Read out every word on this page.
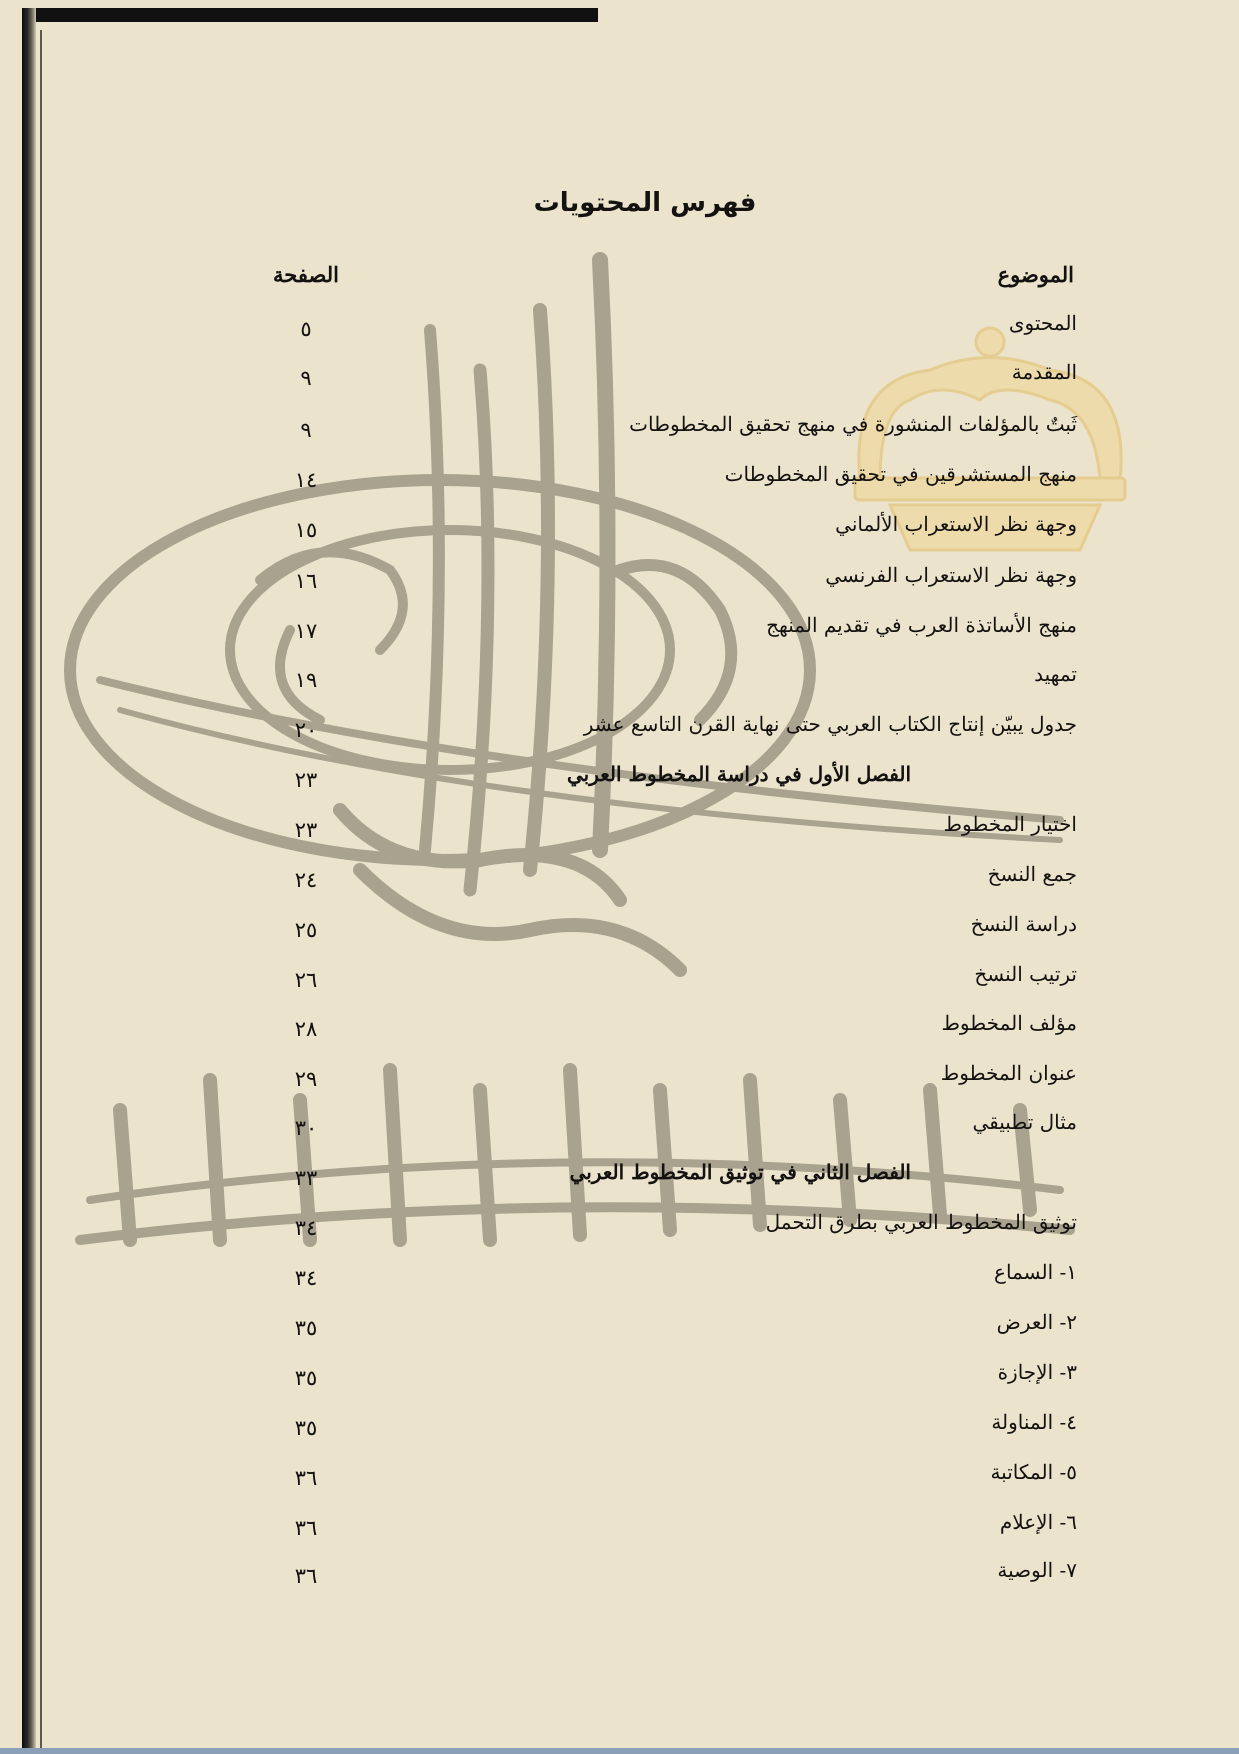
فهرس المحتويات
الموضوع
الصفحة
المحتوى
٥
المقدمة
٩
ثَبتٌ بالمؤلفات المنشورة في منهج تحقيق المخطوطات
٩
منهج المستشرقين في تحقيق المخطوطات
١٤
وجهة نظر الاستعراب الألماني
١٥
وجهة نظر الاستعراب الفرنسي
١٦
منهج الأساتذة العرب في تقديم المنهج
١٧
تمهيد
١٩
جدول يبيّن إنتاج الكتاب العربي حتى نهاية القرن التاسع عشر
٢٠
الفصل الأول في دراسة المخطوط العربي
٢٣
اختيار المخطوط
٢٣
جمع النسخ
٢٤
دراسة النسخ
٢٥
ترتيب النسخ
٢٦
مؤلف المخطوط
٢٨
عنوان المخطوط
٢٩
مثال تطبيقي
٣٠
الفصل الثاني في توثيق المخطوط العربي
٣٣
توثيق المخطوط العربي بطرق التحمل
٣٤
١- السماع
٣٤
٢- العرض
٣٥
٣- الإجازة
٣٥
٤- المناولة
٣٥
٥- المكاتبة
٣٦
٦- الإعلام
٣٦
٧- الوصية
٣٦
